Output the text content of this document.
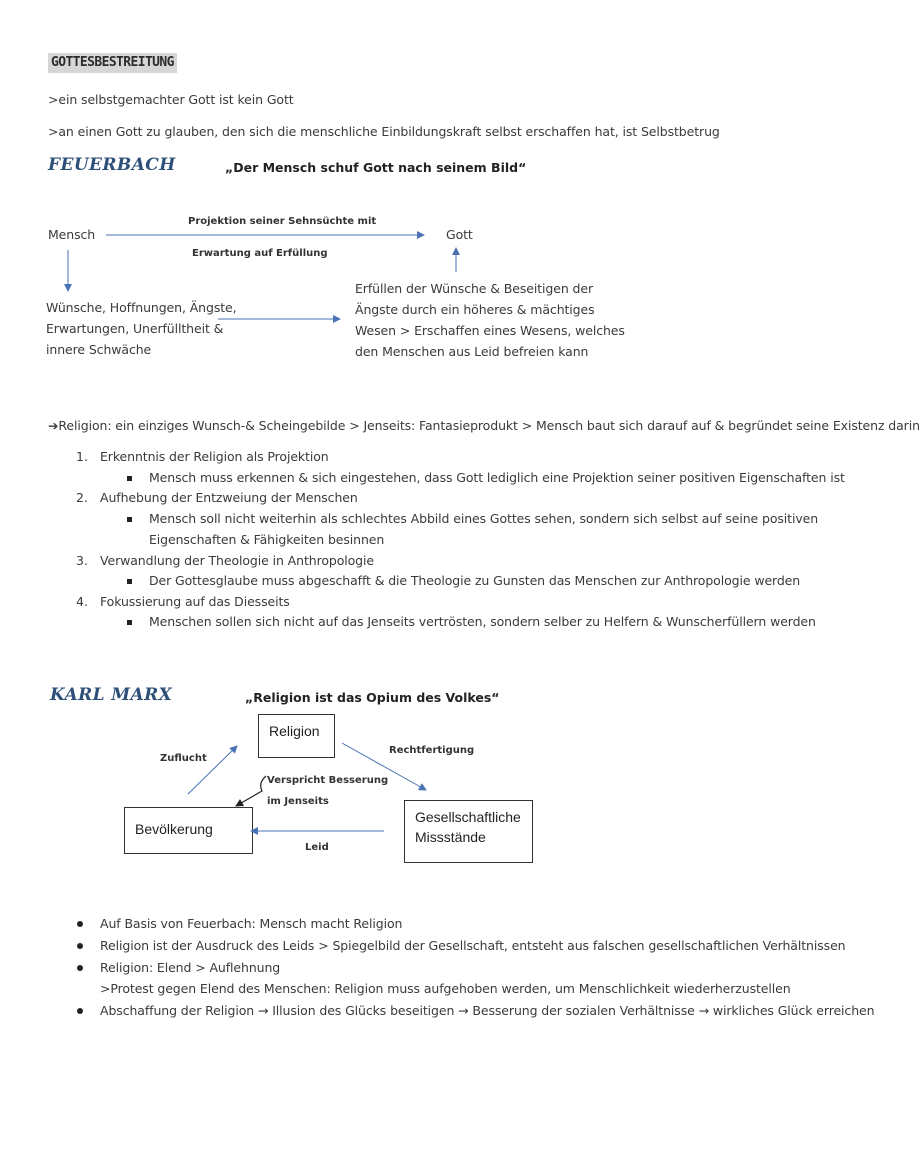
GOTTESBESTREITUNG
>ein selbstgemachter Gott ist kein Gott
>an einen Gott zu glauben, den sich die menschliche Einbildungskraft selbst erschaffen hat, ist Selbstbetrug
FEUERBACH	„Der Mensch schuf Gott nach seinem Bild“
Mensch	Gott
Projektion seiner Sehnsüchte mit
Erwartung auf Erfüllung
Wünsche, Hoffnungen, Ängste,
Erwartungen, Unerfülltheit &
innere Schwäche
Erfüllen der Wünsche & Beseitigen der
Ängste durch ein höheres & mächtiges
Wesen > Erschaffen eines Wesens, welches
den Menschen aus Leid befreien kann
➔Religion: ein einziges Wunsch-& Scheingebilde > Jenseits: Fantasieprodukt > Mensch baut sich darauf auf & begründet seine Existenz darin
1. Erkenntnis der Religion als Projektion
Mensch muss erkennen & sich eingestehen, dass Gott lediglich eine Projektion seiner positiven Eigenschaften ist
2. Aufhebung der Entzweiung der Menschen
Mensch soll nicht weiterhin als schlechtes Abbild eines Gottes sehen, sondern sich selbst auf seine positiven
Eigenschaften & Fähigkeiten besinnen
3. Verwandlung der Theologie in Anthropologie
Der Gottesglaube muss abgeschafft & die Theologie zu Gunsten das Menschen zur Anthropologie werden
4. Fokussierung auf das Diesseits
Menschen sollen sich nicht auf das Jenseits vertrösten, sondern selber zu Helfern & Wunscherfüllern werden
KARL MARX	„Religion ist das Opium des Volkes“
Religion
Bevölkerung
Gesellschaftliche
Missstände
Zuflucht
Rechtfertigung
Verspricht Besserung
im Jenseits
Leid
Auf Basis von Feuerbach: Mensch macht Religion
Religion ist der Ausdruck des Leids > Spiegelbild der Gesellschaft, entsteht aus falschen gesellschaftlichen Verhältnissen
Religion: Elend > Auflehnung
>Protest gegen Elend des Menschen: Religion muss aufgehoben werden, um Menschlichkeit wiederherzustellen
Abschaffung der Religion → Illusion des Glücks beseitigen → Besserung der sozialen Verhältnisse → wirkliches Glück erreichen
